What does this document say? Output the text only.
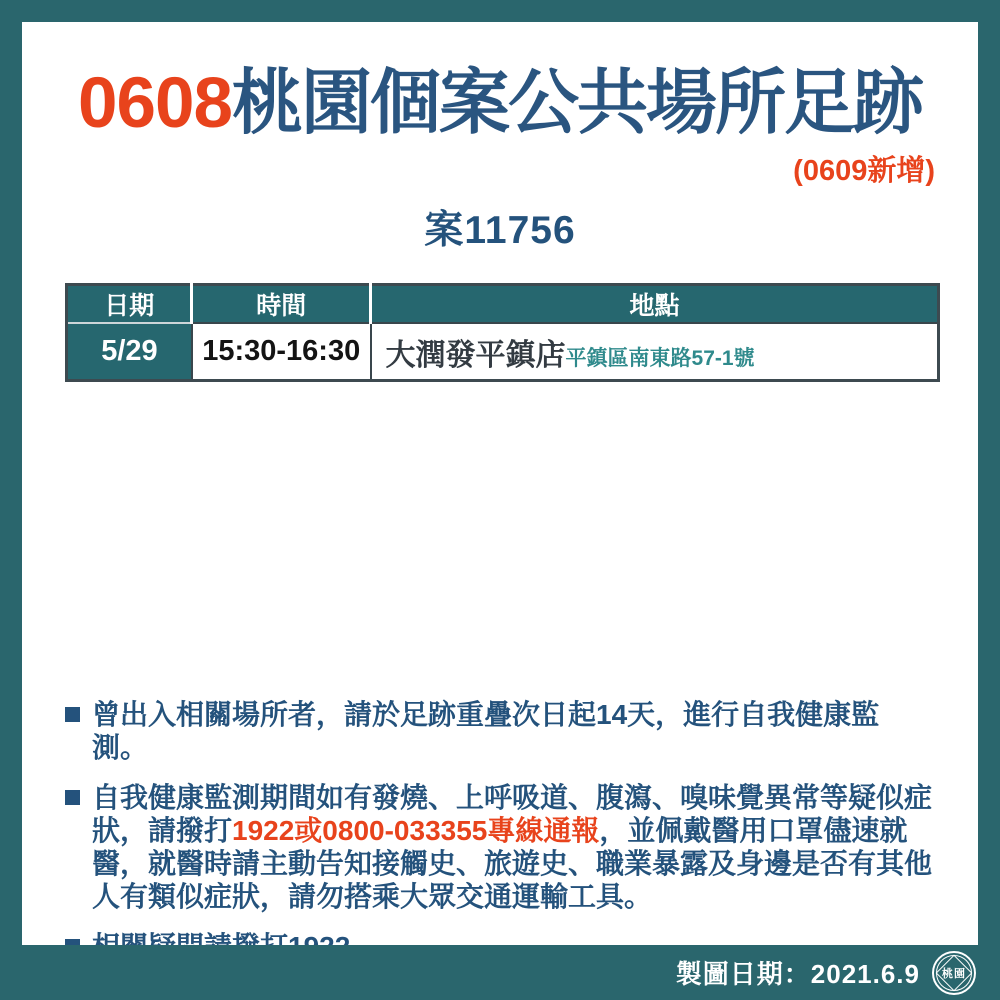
0608桃園個案公共場所足跡
(0609新增)
案11756
日期	時間	地點
5/29	15:30-16:30	大潤發平鎮店平鎮區南東路57-1號
曾出入相關場所者，請於足跡重疊次日起14天，進行自我健康監測。
自我健康監測期間如有發燒、上呼吸道、腹瀉、嗅味覺異常等疑似症狀，請撥打1922或0800-033355專線通報，並佩戴醫用口罩儘速就醫，就醫時請主動告知接觸史、旅遊史、職業暴露及身邊是否有其他人有類似症狀，請勿搭乘大眾交通運輸工具。
製圖日期：2021.6.9	桃園
